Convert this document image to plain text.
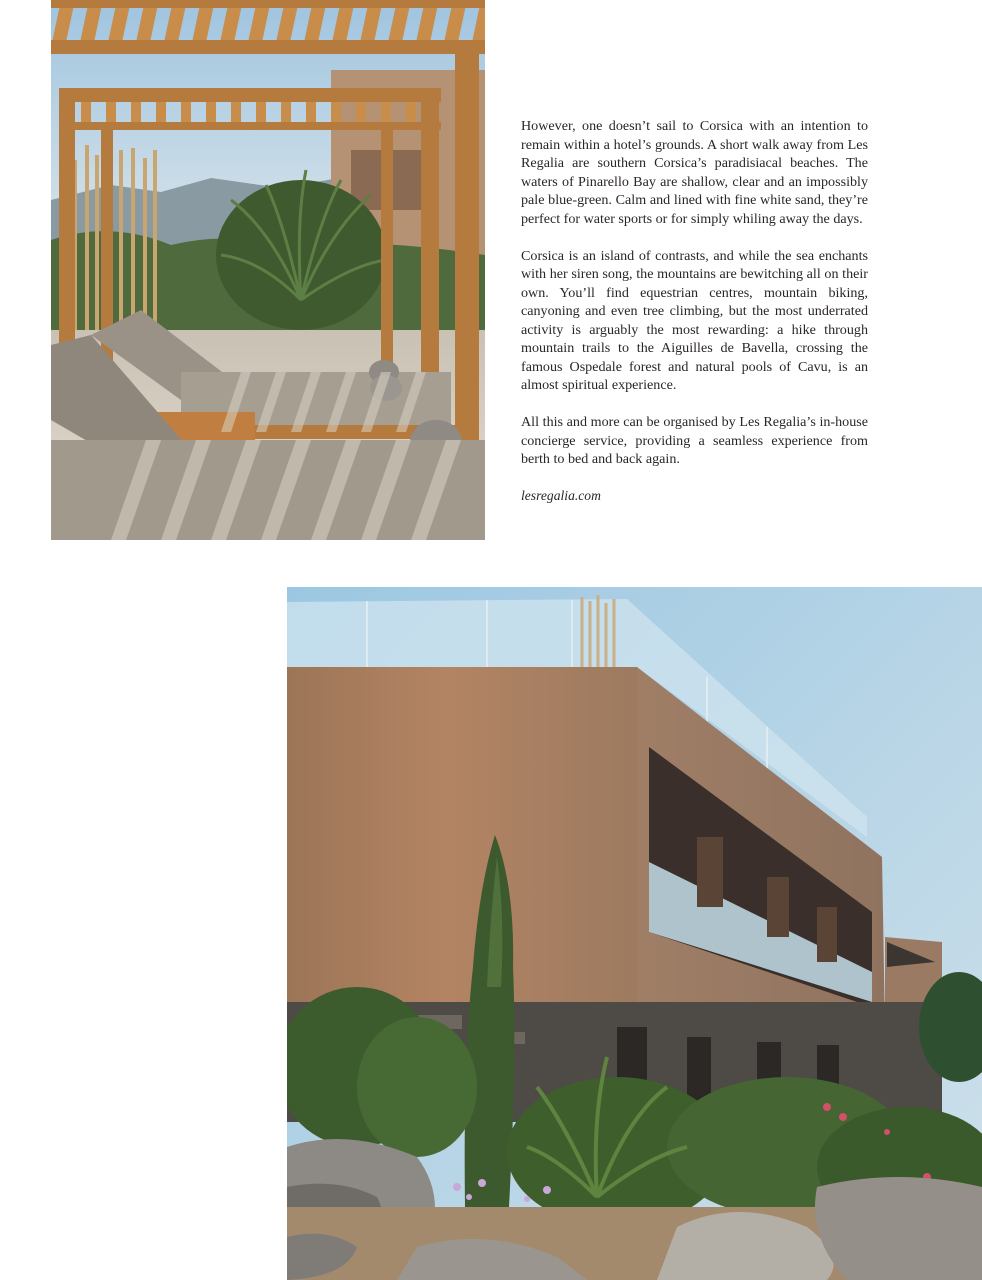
However, one doesn’t sail to Corsica with an intention to remain within a hotel’s grounds. A short walk away from Les Regalia are southern Corsica’s paradisiacal beaches. The waters of Pinarello Bay are shallow, clear and an impossibly pale blue-green. Calm and lined with fine white sand, they’re perfect for water sports or for simply whiling away the days.

Corsica is an island of contrasts, and while the sea enchants with her siren song, the mountains are bewitching all on their own. You’ll find equestrian centres, mountain biking, canyoning and even tree climbing, but the most underrated activity is arguably the most rewarding: a hike through mountain trails to the Aiguilles de Bavella, crossing the famous Ospedale forest and natural pools of Cavu, is an almost spiritual experience.

All this and more can be organised by Les Regalia’s in-house concierge service, providing a seamless experience from berth to bed and back again.

lesregalia.com
